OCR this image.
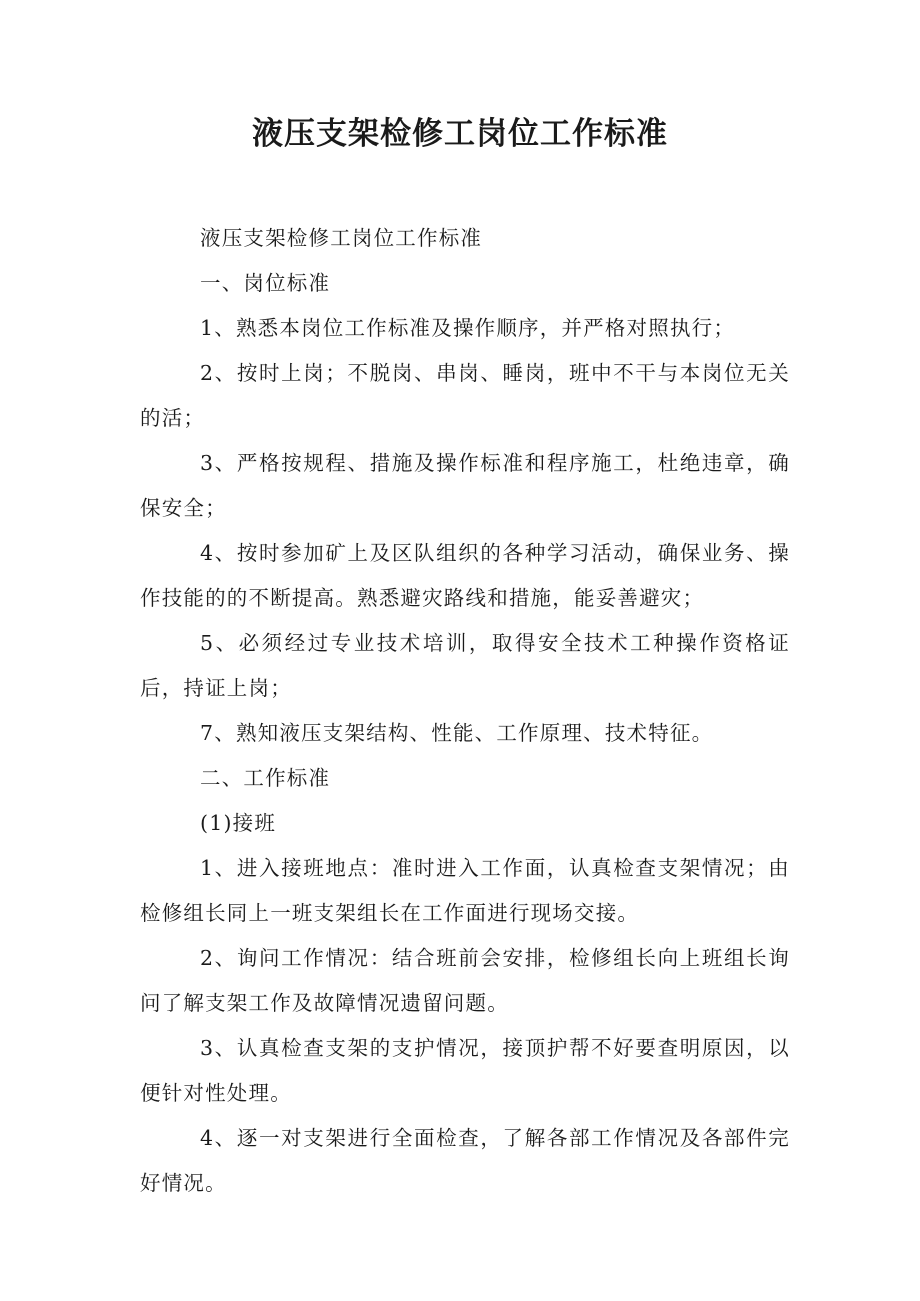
液压支架检修工岗位工作标准

液压支架检修工岗位工作标准

一、岗位标准

1、熟悉本岗位工作标准及操作顺序，并严格对照执行；

2、按时上岗；不脱岗、串岗、睡岗，班中不干与本岗位无关的活；

3、严格按规程、措施及操作标准和程序施工，杜绝违章，确保安全；

4、按时参加矿上及区队组织的各种学习活动，确保业务、操作技能的的不断提高。熟悉避灾路线和措施，能妥善避灾；

5、必须经过专业技术培训，取得安全技术工种操作资格证后，持证上岗；

7、熟知液压支架结构、性能、工作原理、技术特征。

二、工作标准

(1)接班

1、进入接班地点：准时进入工作面，认真检查支架情况；由检修组长同上一班支架组长在工作面进行现场交接。

2、询问工作情况：结合班前会安排，检修组长向上班组长询问了解支架工作及故障情况遗留问题。

3、认真检查支架的支护情况，接顶护帮不好要查明原因，以便针对性处理。

4、逐一对支架进行全面检查，了解各部工作情况及各部件完好情况。
